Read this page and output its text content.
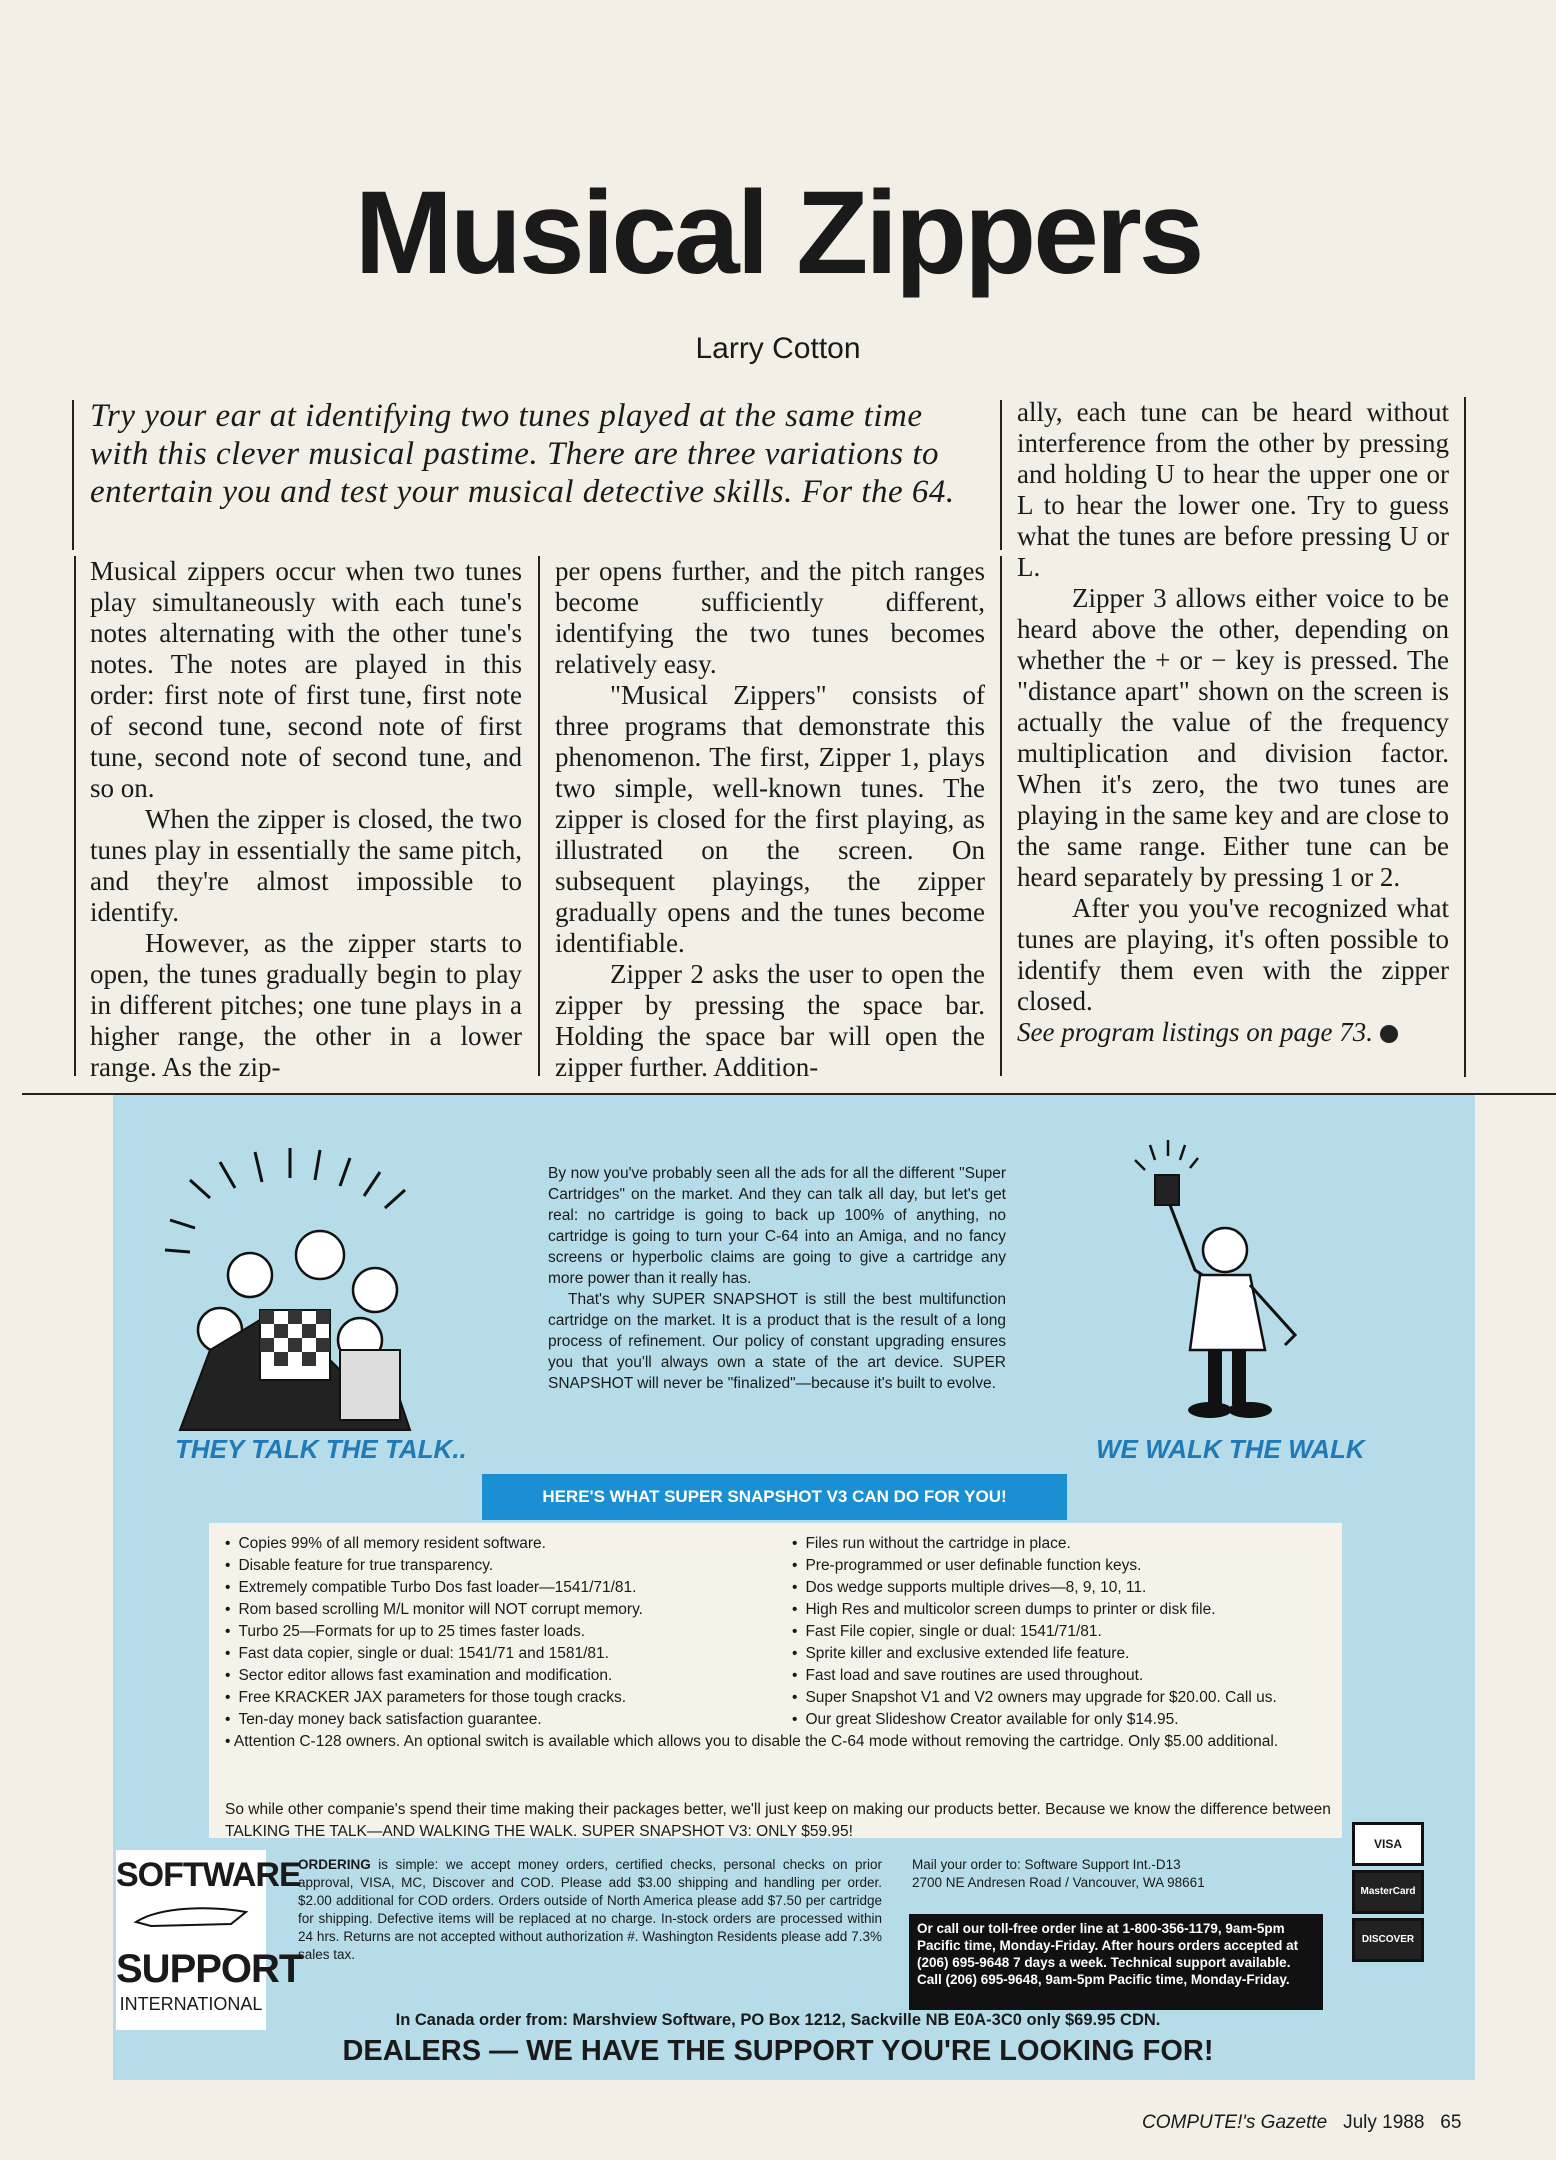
Musical Zippers
Larry Cotton
Try your ear at identifying two tunes played at the same time with this clever musical pastime. There are three variations to entertain you and test your musical detective skills. For the 64.

Musical zippers occur when two tunes play simultaneously with each tune's notes alternating with the other tune's notes. The notes are played in this order: first note of first tune, first note of second tune, second note of first tune, second note of second tune, and so on.

When the zipper is closed, the two tunes play in essentially the same pitch, and they're almost impossible to identify.

However, as the zipper starts to open, the tunes gradually begin to play in different pitches; one tune plays in a higher range, the other in a lower range. As the zip-

per opens further, and the pitch ranges become sufficiently different, identifying the two tunes becomes relatively easy.

"Musical Zippers" consists of three programs that demonstrate this phenomenon. The first, Zipper 1, plays two simple, well-known tunes. The zipper is closed for the first playing, as illustrated on the screen. On subsequent playings, the zipper gradually opens and the tunes become identifiable.

Zipper 2 asks the user to open the zipper by pressing the space bar. Holding the space bar will open the zipper further. Addition-

ally, each tune can be heard without interference from the other by pressing and holding U to hear the upper one or L to hear the lower one. Try to guess what the tunes are before pressing U or L.

Zipper 3 allows either voice to be heard above the other, depending on whether the + or − key is pressed. The "distance apart" shown on the screen is actually the value of the frequency multiplication and division factor. When it's zero, the two tunes are playing in the same key and are close to the same range. Either tune can be heard separately by pressing 1 or 2.

After you you've recognized what tunes are playing, it's often possible to identify them even with the zipper closed.

See program listings on page 73.

THEY TALK THE TALK..	WE WALK THE WALK

By now you've probably seen all the ads for all the different "Super Cartridges" on the market. And they can talk all day, but let's get real: no cartridge is going to back up 100% of anything, no cartridge is going to turn your C-64 into an Amiga, and no fancy screens or hyperbolic claims are going to give a cartridge any more power than it really has.

That's why SUPER SNAPSHOT is still the best multifunction cartridge on the market. It is a product that is the result of a long process of refinement. Our policy of constant upgrading ensures you that you'll always own a state of the art device. SUPER SNAPSHOT will never be "finalized"—because it's built to evolve.

HERE'S WHAT SUPER SNAPSHOT V3 CAN DO FOR YOU!
• Copies 99% of all memory resident software.
• Disable feature for true transparency.
• Extremely compatible Turbo Dos fast loader—1541/71/81.
• Rom based scrolling M/L monitor will NOT corrupt memory.
• Turbo 25—Formats for up to 25 times faster loads.
• Fast data copier, single or dual: 1541/71 and 1581/81.
• Sector editor allows fast examination and modification.
• Free KRACKER JAX parameters for those tough cracks.
• Ten-day money back satisfaction guarantee.
• Files run without the cartridge in place.
• Pre-programmed or user definable function keys.
• Dos wedge supports multiple drives—8, 9, 10, 11.
• High Res and multicolor screen dumps to printer or disk file.
• Fast File copier, single or dual: 1541/71/81.
• Sprite killer and exclusive extended life feature.
• Fast load and save routines are used throughout.
• Super Snapshot V1 and V2 owners may upgrade for $20.00. Call us.
• Our great Slideshow Creator available for only $14.95.
• Attention C-128 owners. An optional switch is available which allows you to disable the C-64 mode without removing the cartridge. Only $5.00 additional.
So while other companie's spend their time making their packages better, we'll just keep on making our products better. Because we know the difference between TALKING THE TALK—AND WALKING THE WALK. SUPER SNAPSHOT V3: ONLY $59.95!
SOFTWARE
SUPPORT
INTERNATIONAL
ORDERING is simple: we accept money orders, certified checks, personal checks on prior approval, VISA, MC, Discover and COD. Please add $3.00 shipping and handling per order. $2.00 additional for COD orders. Orders outside of North America please add $7.50 per cartridge for shipping. Defective items will be replaced at no charge. In-stock orders are processed within 24 hrs. Returns are not accepted without authorization #. Washington Residents please add 7.3% sales tax.
Mail your order to: Software Support Int.-D13
2700 NE Andresen Road / Vancouver, WA 98661
Or call our toll-free order line at 1-800-356-1179, 9am-5pm Pacific time, Monday-Friday. After hours orders accepted at (206) 695-9648 7 days a week. Technical support available. Call (206) 695-9648, 9am-5pm Pacific time, Monday-Friday.
VISA
MasterCard
DISCOVER
In Canada order from: Marshview Software, PO Box 1212, Sackville NB E0A-3C0 only $69.95 CDN.
DEALERS — WE HAVE THE SUPPORT YOU'RE LOOKING FOR!
COMPUTE!'s Gazette July 1988 65
